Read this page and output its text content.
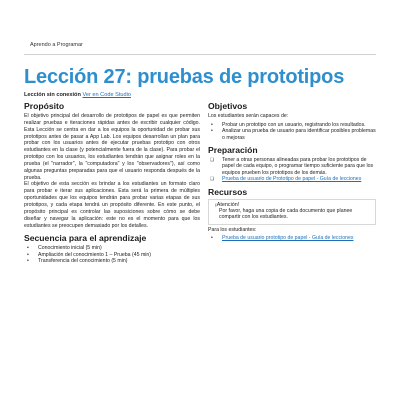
Aprendo a Programar
Lección 27: pruebas de prototipos
Lección sin conexión Ver en Code Studio
Propósito

El objetivo principal del desarrollo de prototipos de papel es que permiten realizar pruebas e iteraciones rápidas antes de escribir cualquier código. Esta Lección se centra en dar a los equipos la oportunidad de probar sus prototipos antes de pasar a App Lab. Los equipos desarrollan un plan para probar con los usuarios antes de ejecutar pruebas prototipo con otros estudiantes en la clase (y potencialmente fuera de la clase). Para probar el prototipo con los usuarios, los estudiantes tendrán que asignar roles en la prueba (el "narrador", la "computadora" y los "observadores"), así como algunas preguntas preparadas para que el usuario responda después de la prueba.

El objetivo de esta sección es brindar a los estudiantes un formato claro para probar e iterar sus aplicaciones. Esta será la primera de múltiples oportunidades que los equipos tendrán para probar varias etapas de sus prototipos, y cada etapa tendrá un propósito diferente. En este punto, el propósito principal es controlar las suposiciones sobre cómo se debe diseñar y navegar la aplicación: este no es el momento para que los estudiantes se preocupen demasiado por los detalles.

Secuencia para el aprendizaje
• Conocimiento inicial (5 min)
• Ampliación del conocimiento 1 – Prueba (45 min)
• Transferencia del conocimiento (5 min)
Objetivos

Los estudiantes serán capaces de:

• Probar un prototipo con un usuario, registrando los resultados.
• Analizar una prueba de usuario para identificar posibles problemas o mejoras
Preparación
❑ Tener a otras personas alineadas para probar los prototipos de papel de cada equipo, o programar tiempo suficiente para que los equipos prueben los prototipos de los demás.
❑ Prueba de usuario de Prototipo de papel - Guía de lecciones
Recursos
¡Atención!
Por favor, haga una copia de cada documento que planee compartir con los estudiantes.

Para los estudiantes:

• Prueba de usuario prototipo de papel - Guía de lecciones
